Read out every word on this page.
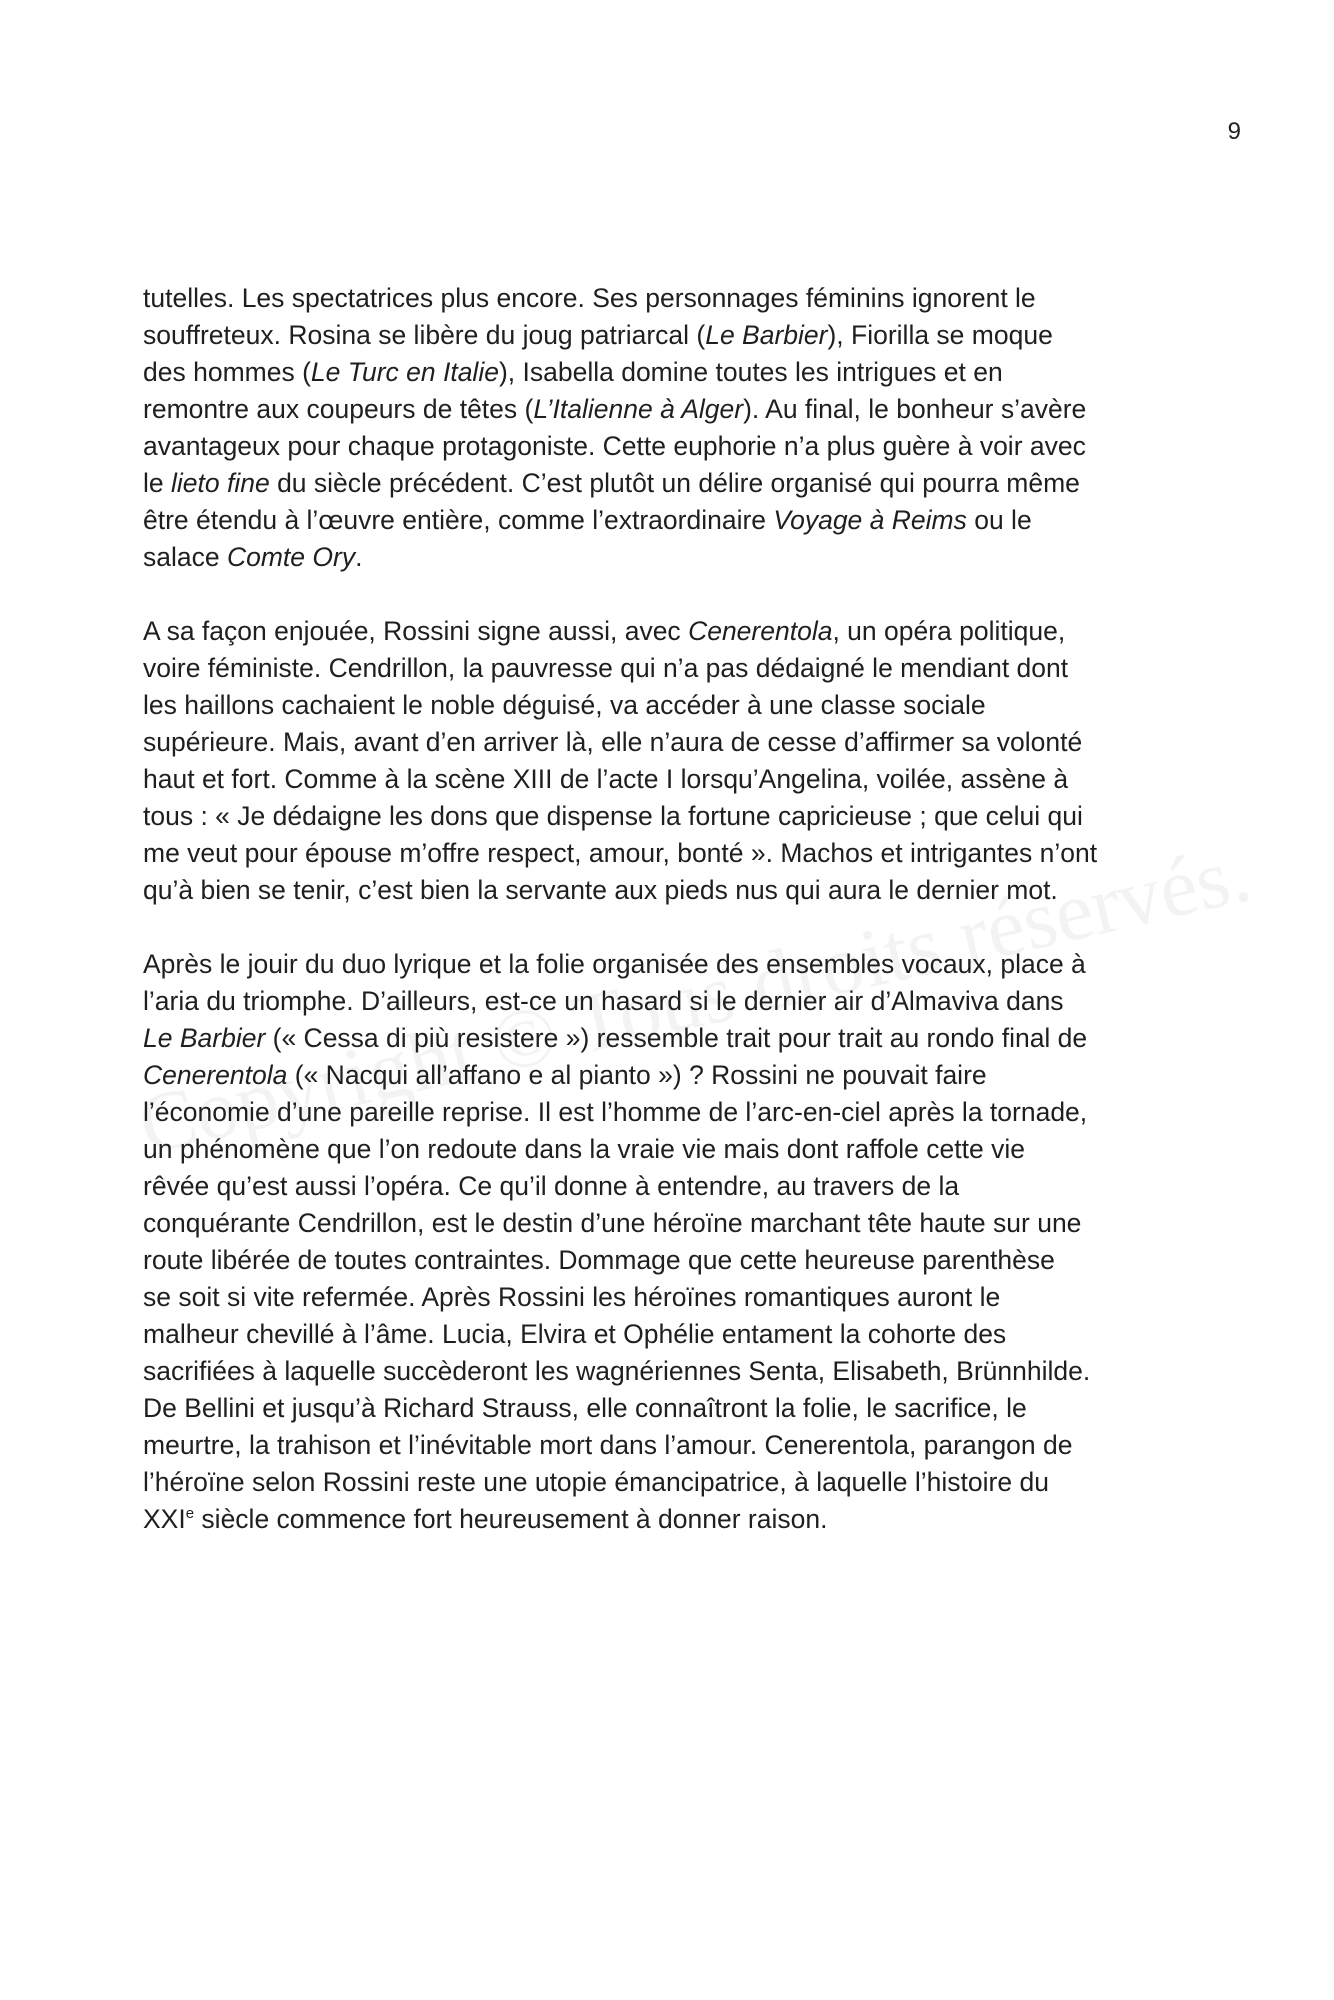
9

tutelles. Les spectatrices plus encore. Ses personnages féminins ignorent le
souffreteux. Rosina se libère du joug patriarcal (Le Barbier), Fiorilla se moque
des hommes (Le Turc en Italie), Isabella domine toutes les intrigues et en
remontre aux coupeurs de têtes (L’Italienne à Alger). Au final, le bonheur s’avère
avantageux pour chaque protagoniste. Cette euphorie n’a plus guère à voir avec
le lieto fine du siècle précédent. C’est plutôt un délire organisé qui pourra même
être étendu à l’œuvre entière, comme l’extraordinaire Voyage à Reims ou le
salace Comte Ory.

A sa façon enjouée, Rossini signe aussi, avec Cenerentola, un opéra politique,
voire féministe. Cendrillon, la pauvresse qui n’a pas dédaigné le mendiant dont
les haillons cachaient le noble déguisé, va accéder à une classe sociale
supérieure. Mais, avant d’en arriver là, elle n’aura de cesse d’affirmer sa volonté
haut et fort. Comme à la scène XIII de l’acte I lorsqu’Angelina, voilée, assène à
tous : « Je dédaigne les dons que dispense la fortune capricieuse ; que celui qui
me veut pour épouse m’offre respect, amour, bonté ». Machos et intrigantes n’ont
qu’à bien se tenir, c’est bien la servante aux pieds nus qui aura le dernier mot.

Après le jouir du duo lyrique et la folie organisée des ensembles vocaux, place à
l’aria du triomphe. D’ailleurs, est-ce un hasard si le dernier air d’Almaviva dans
Le Barbier (« Cessa di più resistere ») ressemble trait pour trait au rondo final de
Cenerentola (« Nacqui all’affano e al pianto ») ? Rossini ne pouvait faire
l’économie d’une pareille reprise. Il est l’homme de l’arc-en-ciel après la tornade,
un phénomène que l’on redoute dans la vraie vie mais dont raffole cette vie
rêvée qu’est aussi l’opéra. Ce qu’il donne à entendre, au travers de la
conquérante Cendrillon, est le destin d’une héroïne marchant tête haute sur une
route libérée de toutes contraintes. Dommage que cette heureuse parenthèse
se soit si vite refermée. Après Rossini les héroïnes romantiques auront le
malheur chevillé à l’âme. Lucia, Elvira et Ophélie entament la cohorte des
sacrifiées à laquelle succèderont les wagnériennes Senta, Elisabeth, Brünnhilde.
De Bellini et jusqu’à Richard Strauss, elle connaîtront la folie, le sacrifice, le
meurtre, la trahison et l’inévitable mort dans l’amour. Cenerentola, parangon de
l’héroïne selon Rossini reste une utopie émancipatrice, à laquelle l’histoire du
XXIe siècle commence fort heureusement à donner raison.
